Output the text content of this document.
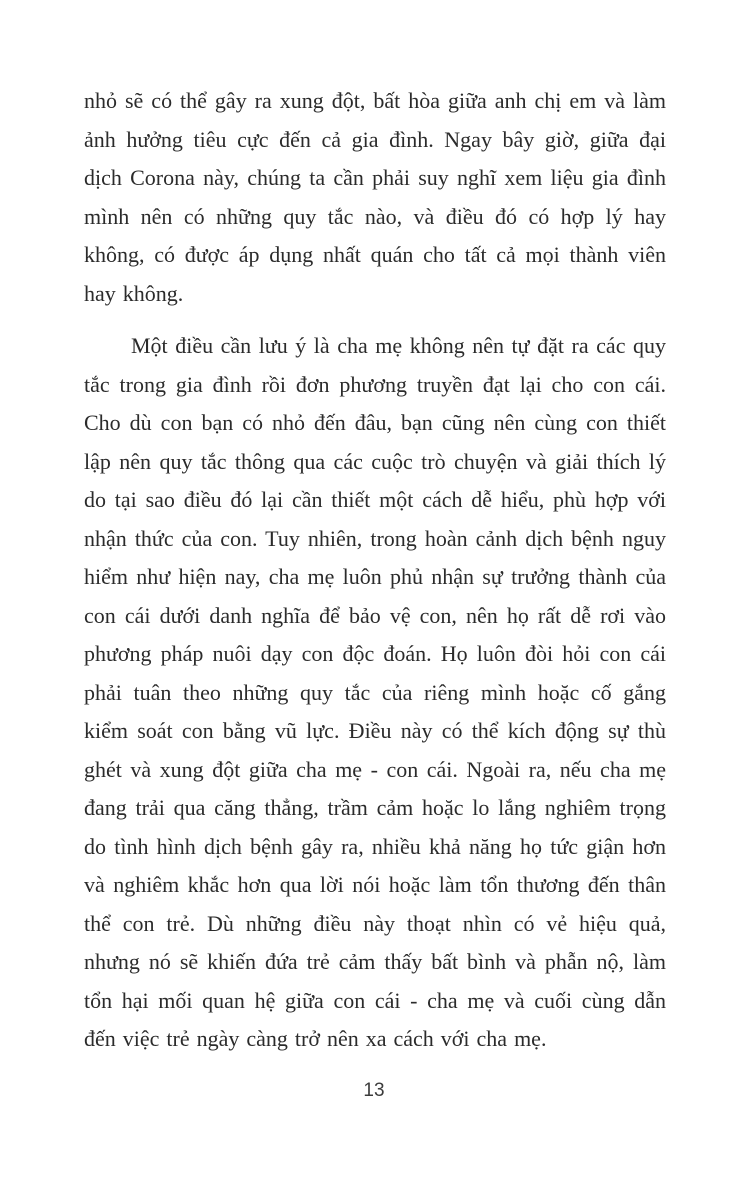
nhỏ sẽ có thể gây ra xung đột, bất hòa giữa anh chị em và làm ảnh hưởng tiêu cực đến cả gia đình. Ngay bây giờ, giữa đại dịch Corona này, chúng ta cần phải suy nghĩ xem liệu gia đình mình nên có những quy tắc nào, và điều đó có hợp lý hay không, có được áp dụng nhất quán cho tất cả mọi thành viên hay không.

Một điều cần lưu ý là cha mẹ không nên tự đặt ra các quy tắc trong gia đình rồi đơn phương truyền đạt lại cho con cái. Cho dù con bạn có nhỏ đến đâu, bạn cũng nên cùng con thiết lập nên quy tắc thông qua các cuộc trò chuyện và giải thích lý do tại sao điều đó lại cần thiết một cách dễ hiểu, phù hợp với nhận thức của con. Tuy nhiên, trong hoàn cảnh dịch bệnh nguy hiểm như hiện nay, cha mẹ luôn phủ nhận sự trưởng thành của con cái dưới danh nghĩa để bảo vệ con, nên họ rất dễ rơi vào phương pháp nuôi dạy con độc đoán. Họ luôn đòi hỏi con cái phải tuân theo những quy tắc của riêng mình hoặc cố gắng kiểm soát con bằng vũ lực. Điều này có thể kích động sự thù ghét và xung đột giữa cha mẹ - con cái. Ngoài ra, nếu cha mẹ đang trải qua căng thẳng, trầm cảm hoặc lo lắng nghiêm trọng do tình hình dịch bệnh gây ra, nhiều khả năng họ tức giận hơn và nghiêm khắc hơn qua lời nói hoặc làm tổn thương đến thân thể con trẻ. Dù những điều này thoạt nhìn có vẻ hiệu quả, nhưng nó sẽ khiến đứa trẻ cảm thấy bất bình và phẫn nộ, làm tổn hại mối quan hệ giữa con cái - cha mẹ và cuối cùng dẫn đến việc trẻ ngày càng trở nên xa cách với cha mẹ.

13
